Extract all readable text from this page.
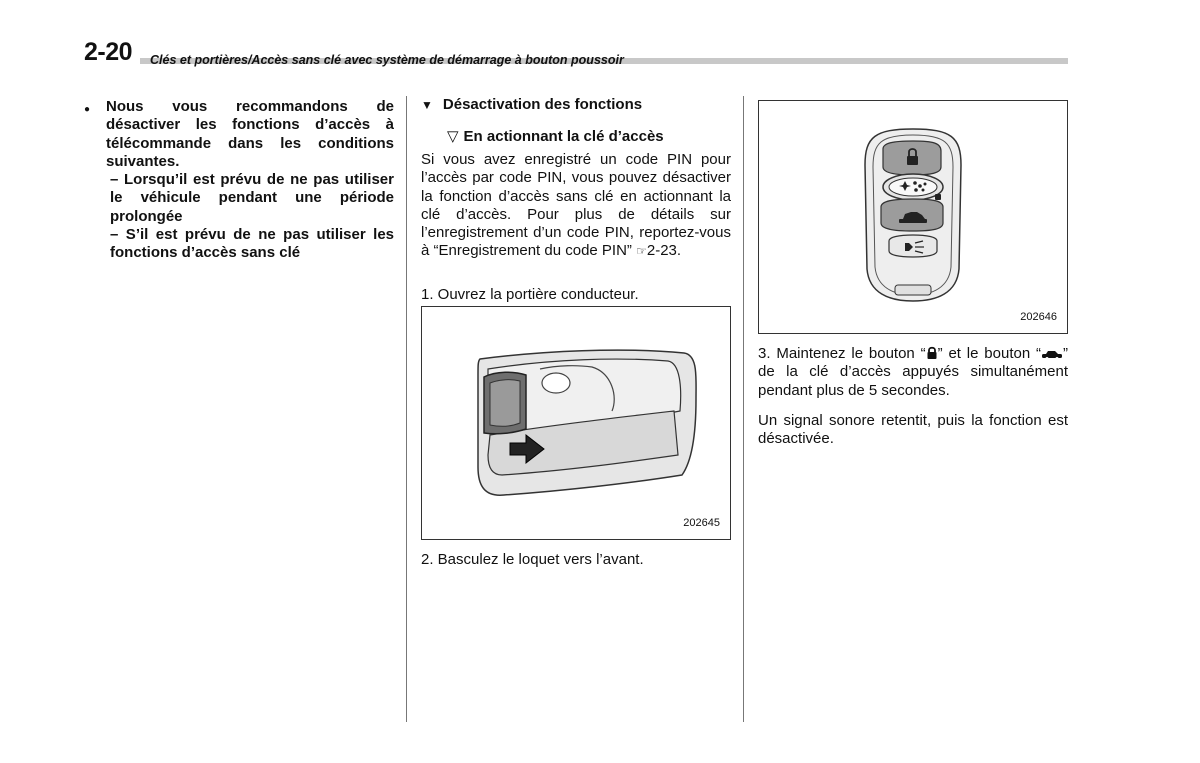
2-20 Clés et portières/Accès sans clé avec système de démarrage à bouton poussoir
●	Nous vous recommandons de désactiver les fonctions d’accès à télécommande dans les conditions suivantes.
– Lorsqu’il est prévu de ne pas utiliser le véhicule pendant une période prolongée
– S’il est prévu de ne pas utiliser les fonctions d’accès sans clé
▼ Désactivation des fonctions
▽ En actionnant la clé d’accès
Si vous avez enregistré un code PIN pour l’accès par code PIN, vous pouvez désactiver la fonction d’accès sans clé en actionnant la clé d’accès. Pour plus de détails sur l’enregistrement d’un code PIN, reportez-vous à “Enregistrement du code PIN” ☞2-23.
1. Ouvrez la portière conducteur.
202645
2. Basculez le loquet vers l’avant.
202646
3. Maintenez le bouton “ ” et le bouton “ ” de la clé d’accès appuyés simultanément pendant plus de 5 secondes.
Un signal sonore retentit, puis la fonction est désactivée.
